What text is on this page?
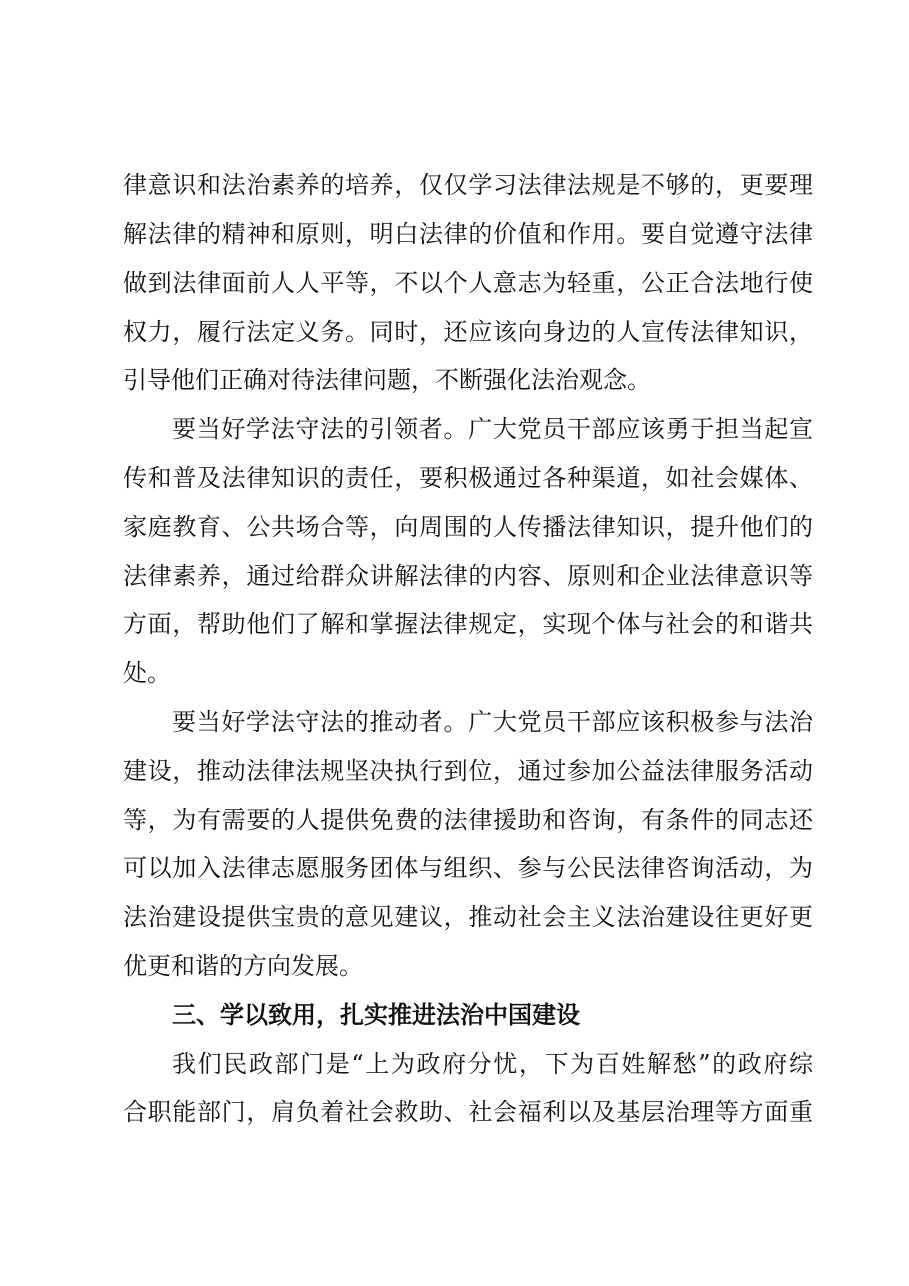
律意识和法治素养的培养，仅仅学习法律法规是不够的，更要理
解法律的精神和原则，明白法律的价值和作用。要自觉遵守法律
做到法律面前人人平等，不以个人意志为轻重，公正合法地行使
权力，履行法定义务。同时，还应该向身边的人宣传法律知识，
引导他们正确对待法律问题，不断强化法治观念。
要当好学法守法的引领者。广大党员干部应该勇于担当起宣
传和普及法律知识的责任，要积极通过各种渠道，如社会媒体、
家庭教育、公共场合等，向周围的人传播法律知识，提升他们的
法律素养，通过给群众讲解法律的内容、原则和企业法律意识等
方面，帮助他们了解和掌握法律规定，实现个体与社会的和谐共
处。
要当好学法守法的推动者。广大党员干部应该积极参与法治
建设，推动法律法规坚决执行到位，通过参加公益法律服务活动
等，为有需要的人提供免费的法律援助和咨询，有条件的同志还
可以加入法律志愿服务团体与组织、参与公民法律咨询活动，为
法治建设提供宝贵的意见建议，推动社会主义法治建设往更好更
优更和谐的方向发展。
三、学以致用，扎实推进法治中国建设
我们民政部门是“上为政府分忧，下为百姓解愁”的政府综
合职能部门，肩负着社会救助、社会福利以及基层治理等方面重
